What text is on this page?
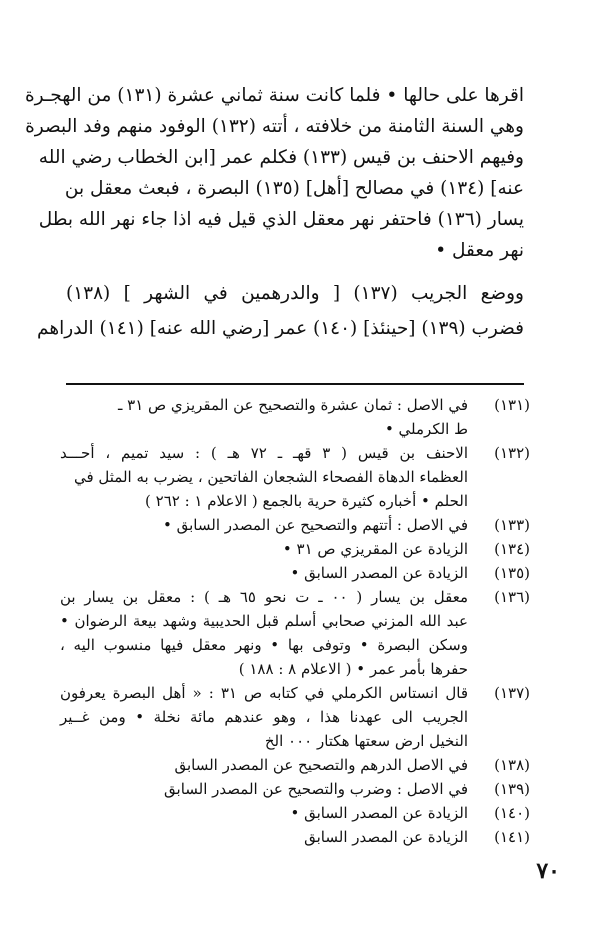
اقرها على حالها • فلما كانت سنة ثماني عشرة (١٣١) من الهجـرة
وهي السنة الثامنة من خلافته ، أتته (١٣٢) الوفود منهم وفد البصرة
وفيهم الاحنف بن قيس (١٣٣) فكلم عمر [ابن الخطاب رضي الله
عنه] (١٣٤) في مصالح [أهل] (١٣٥) البصرة ، فبعث معقل بن
يسار (١٣٦) فاحتفر نهر معقل الذي قيل فيه اذا جاء نهر الله بطل
نهر معقل •
ووضع الجريب (١٣٧) [ والدرهمين في الشهر ] (١٣٨)
فضرب (١٣٩) [حينئذ] (١٤٠) عمر [رضي الله عنه] (١٤١) الدراهم
(١٣١)
في الاصل : ثمان عشرة والتصحيح عن المقريزي ص ٣١ ـ
ط الكرملي •
(١٣٢)
الاحنف بن قيس ( ٣ قهـ ـ ٧٢ هـ ) : سيد تميم ، أحـــد
العظماء الدهاة الفصحاء الشجعان الفاتحين ، يضرب به المثل في
الحلم • أخباره كثيرة حرية بالجمع ( الاعلام ١ : ٢٦٢ )
(١٣٣)
في الاصل : أتتهم والتصحيح عن المصدر السابق •
(١٣٤)
الزيادة عن المقريزي ص ٣١ •
(١٣٥)
الزيادة عن المصدر السابق •
(١٣٦)
معقل بن يسار ( ٠٠ ـ ت نحو ٦٥ هـ ) : معقل بن يسار بن
عبد الله المزني صحابي أسلم قبل الحديبية وشهد بيعة الرضوان •
وسكن البصرة • وتوفى بها • ونهر معقل فيها منسوب اليه ،
حفرها بأمر عمر • ( الاعلام ٨ : ١٨٨ )
(١٣٧)
قال انستاس الكرملي في كتابه ص ٣١ : « أهل البصرة يعرفون
الجريب الى عهدنا هذا ، وهو عندهم مائة نخلة • ومن غــير
النخيل ارض سعتها هكتار ٠٠٠ الخ
(١٣٨)
في الاصل الدرهم والتصحيح عن المصدر السابق
(١٣٩)
في الاصل : وضرب والتصحيح عن المصدر السابق
(١٤٠)
الزيادة عن المصدر السابق •
(١٤١)
الزيادة عن المصدر السابق
٧٠
